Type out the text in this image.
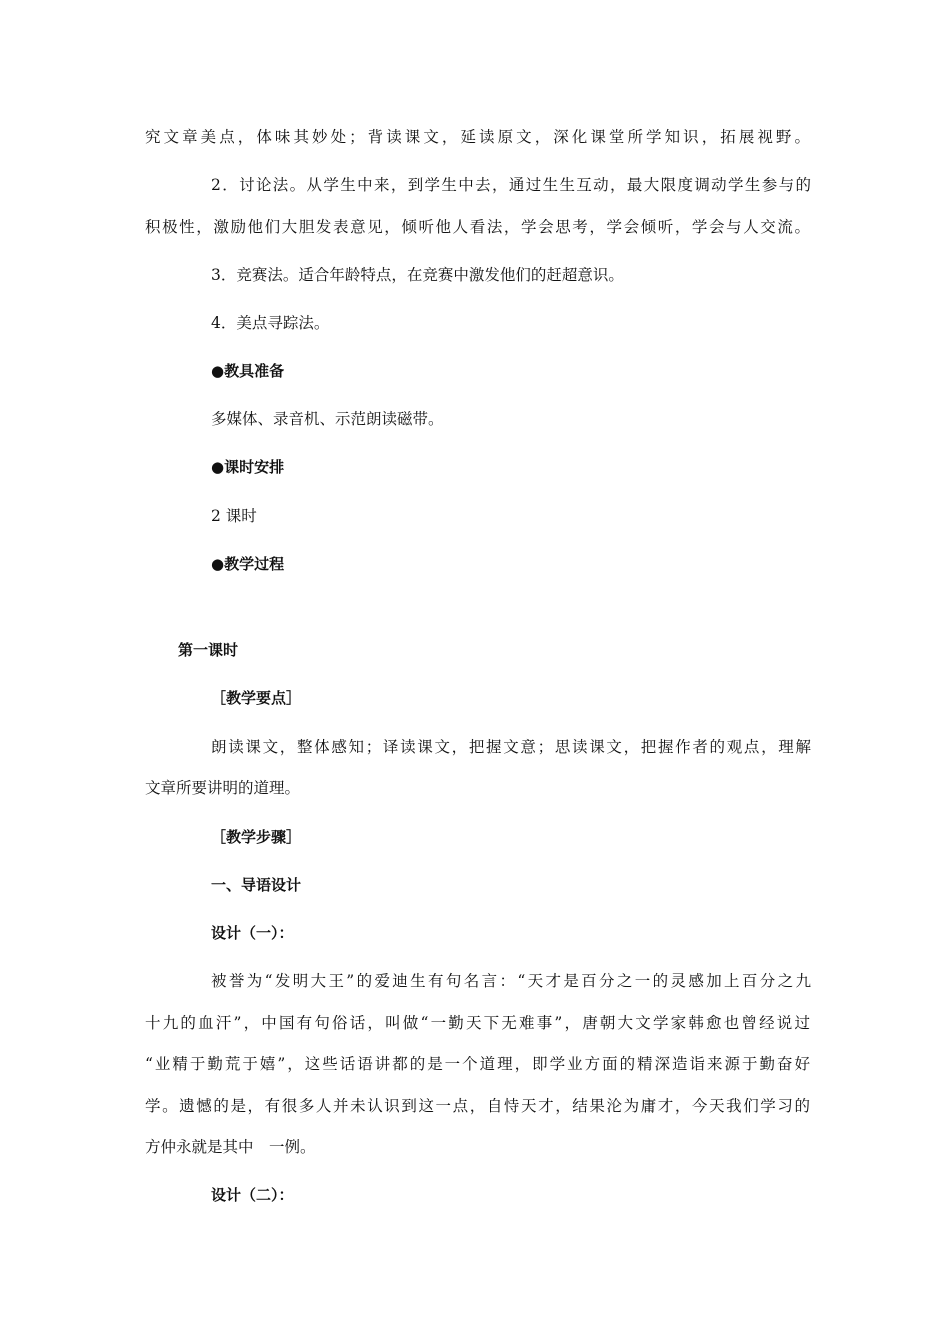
究文章美点，体味其妙处；背读课文，延读原文，深化课堂所学知识，拓展视野。
2．讨论法。从学生中来，到学生中去，通过生生互动，最大限度调动学生参与的
积极性，激励他们大胆发表意见，倾听他人看法，学会思考，学会倾听，学会与人交流。
3．竞赛法。适合年龄特点，在竞赛中激发他们的赶超意识。
4．美点寻踪法。
●教具准备
多媒体、录音机、示范朗读磁带。
●课时安排
2 课时
●教学过程
第一课时
［教学要点］
朗读课文，整体感知；译读课文，把握文意；思读课文，把握作者的观点，理解
文章所要讲明的道理。
［教学步骤］
一、导语设计
设计（一）：
被誉为“发明大王”的爱迪生有句名言：“天才是百分之一的灵感加上百分之九
十九的血汗”，中国有句俗话，叫做“一勤天下无难事”，唐朝大文学家韩愈也曾经说过
“业精于勤荒于嬉”，这些话语讲都的是一个道理，即学业方面的精深造诣来源于勤奋好
学。遗憾的是，有很多人并未认识到这一点，自恃天才，结果沦为庸才，今天我们学习的
方仲永就是其中　一例。
设计（二）：
